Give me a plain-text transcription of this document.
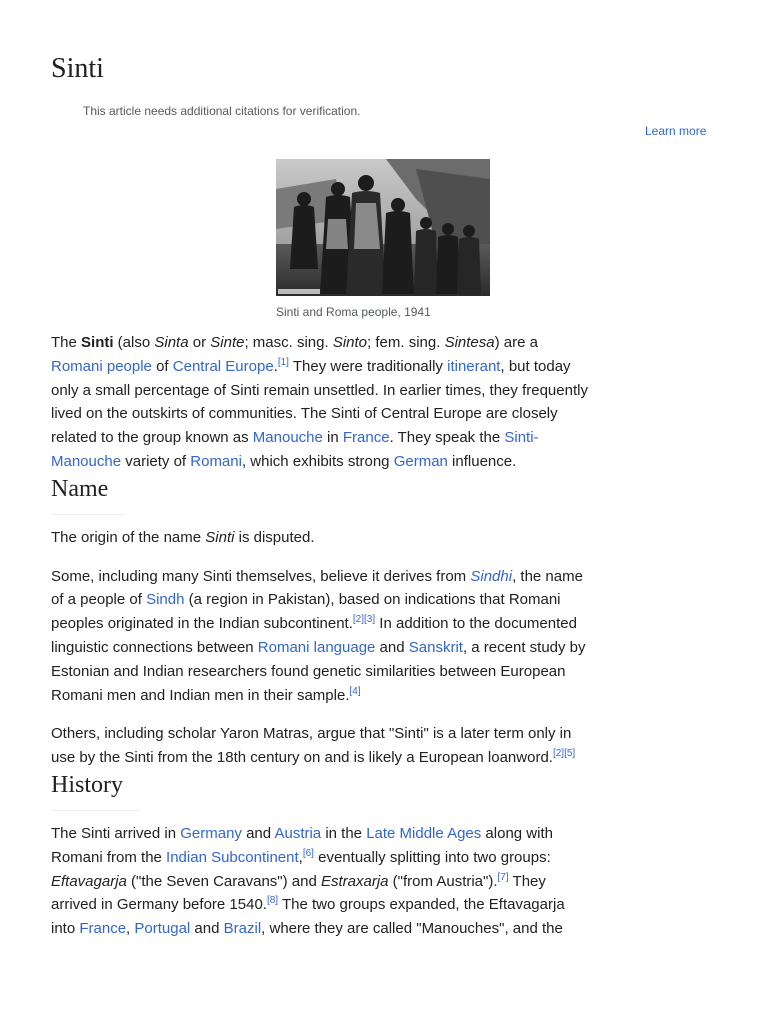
Sinti
This article needs additional citations for verification.
Learn more
Sinti and Roma people, 1941

The Sinti (also Sinta or Sinte; masc. sing. Sinto; fem. sing. Sintesa) are a Romani people of Central Europe.[1] They were traditionally itinerant, but today only a small percentage of Sinti remain unsettled. In earlier times, they frequently lived on the outskirts of communities. The Sinti of Central Europe are closely related to the group known as Manouche in France. They speak the Sinti-Manouche variety of Romani, which exhibits strong German influence.

Name

The origin of the name Sinti is disputed.

Some, including many Sinti themselves, believe it derives from Sindhi, the name of a people of Sindh (a region in Pakistan), based on indications that Romani peoples originated in the Indian subcontinent.[2][3] In addition to the documented linguistic connections between Romani language and Sanskrit, a recent study by Estonian and Indian researchers found genetic similarities between European Romani men and Indian men in their sample.[4]

Others, including scholar Yaron Matras, argue that "Sinti" is a later term only in use by the Sinti from the 18th century on and is likely a European loanword.[2][5]

History

The Sinti arrived in Germany and Austria in the Late Middle Ages along with Romani from the Indian Subcontinent,[6] eventually splitting into two groups: Eftavagarja ("the Seven Caravans") and Estraxarja ("from Austria").[7] They arrived in Germany before 1540.[8] The two groups expanded, the Eftavagarja into France, Portugal and Brazil, where they are called "Manouches", and the
